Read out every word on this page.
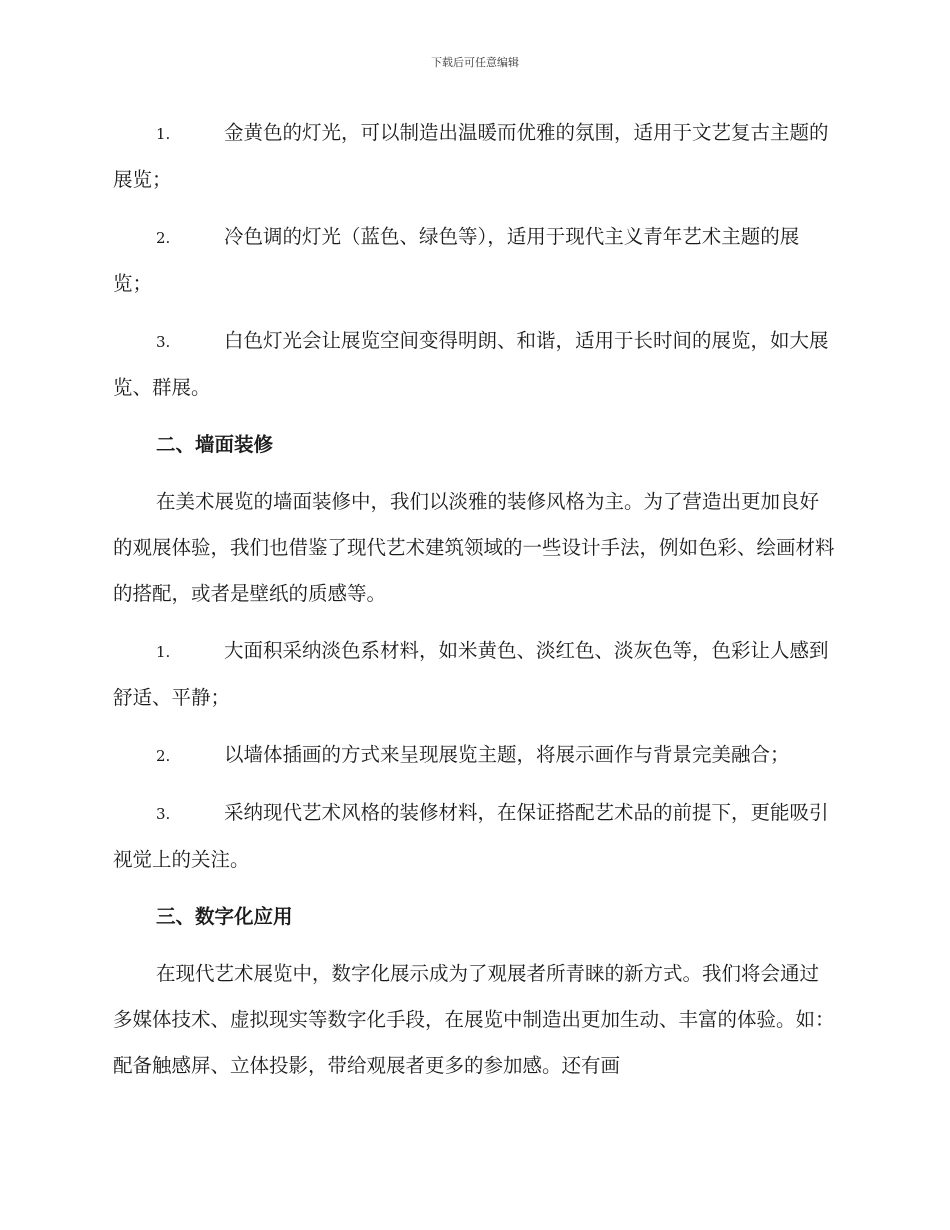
下载后可任意编辑

1.	金黄色的灯光，可以制造出温暖而优雅的氛围，适用于文艺复古主题的展览；

2.	冷色调的灯光（蓝色、绿色等），适用于现代主义青年艺术主题的展览；

3.	白色灯光会让展览空间变得明朗、和谐，适用于长时间的展览，如大展览、群展。

二、墙面装修

在美术展览的墙面装修中，我们以淡雅的装修风格为主。为了营造出更加良好的观展体验，我们也借鉴了现代艺术建筑领域的一些设计手法，例如色彩、绘画材料的搭配，或者是壁纸的质感等。

1.	大面积采纳淡色系材料，如米黄色、淡红色、淡灰色等，色彩让人感到舒适、平静；

2.	以墙体插画的方式来呈现展览主题，将展示画作与背景完美融合；

3.	采纳现代艺术风格的装修材料，在保证搭配艺术品的前提下，更能吸引视觉上的关注。

三、数字化应用

在现代艺术展览中，数字化展示成为了观展者所青睐的新方式。我们将会通过多媒体技术、虚拟现实等数字化手段，在展览中制造出更加生动、丰富的体验。如：配备触感屏、立体投影，带给观展者更多的参加感。还有画
